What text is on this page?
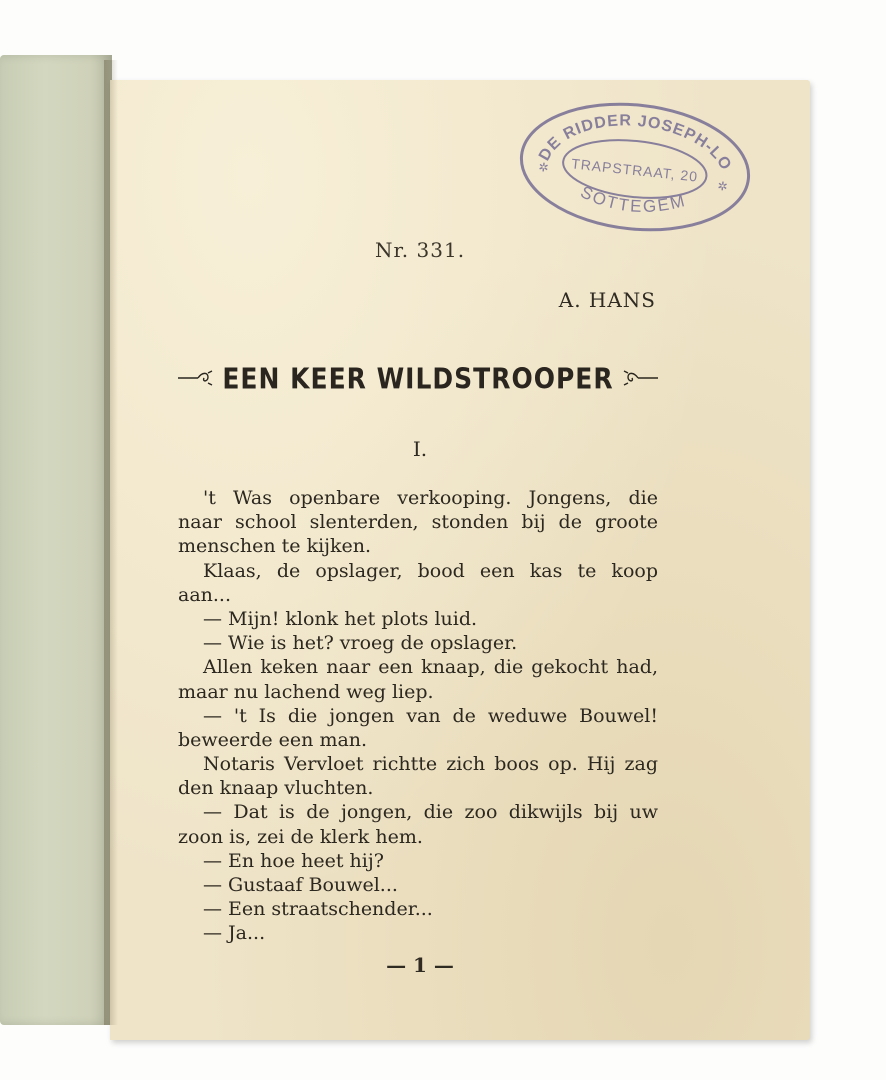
DE RIDDER JOSEPH-LOUIS
TRAPSTRAAT, 20
SOTTEGEM
✲
✲
Nr. 331.
A. HANS
EEN KEER WILDSTROOPER
I.
't Was openbare verkooping. Jongens, die
naar school slenterden, stonden bij de groote
menschen te kijken.
Klaas, de opslager, bood een kas te koop
aan...
— Mijn! klonk het plots luid.
— Wie is het? vroeg de opslager.
Allen keken naar een knaap, die gekocht had,
maar nu lachend weg liep.
— 't Is die jongen van de weduwe Bouwel!
beweerde een man.
Notaris Vervloet richtte zich boos op. Hij zag
den knaap vluchten.
— Dat is de jongen, die zoo dikwijls bij uw
zoon is, zei de klerk hem.
— En hoe heet hij?
— Gustaaf Bouwel...
— Een straatschender...
— Ja...
— 1 —
